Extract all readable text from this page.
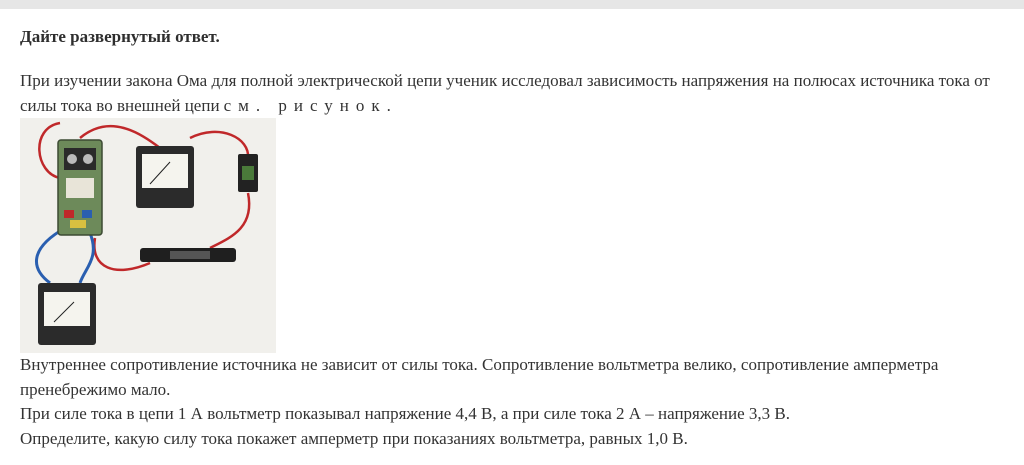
Дайте развернутый ответ.

При изучении закона Ома для полной электрической цепи ученик исследовал зависимость напряжения на полюсах источника тока от силы тока во внешней цепи см. рисунок.

Внутреннее сопротивление источника не зависит от силы тока. Сопротивление вольтметра велико, сопротивление амперметра пренебрежимо мало.

При силе тока в цепи 1 А вольтметр показывал напряжение 4,4 В, а при силе тока 2 А – напряжение 3,3 В.

Определите, какую силу тока покажет амперметр при показаниях вольтметра, равных 1,0 В.
